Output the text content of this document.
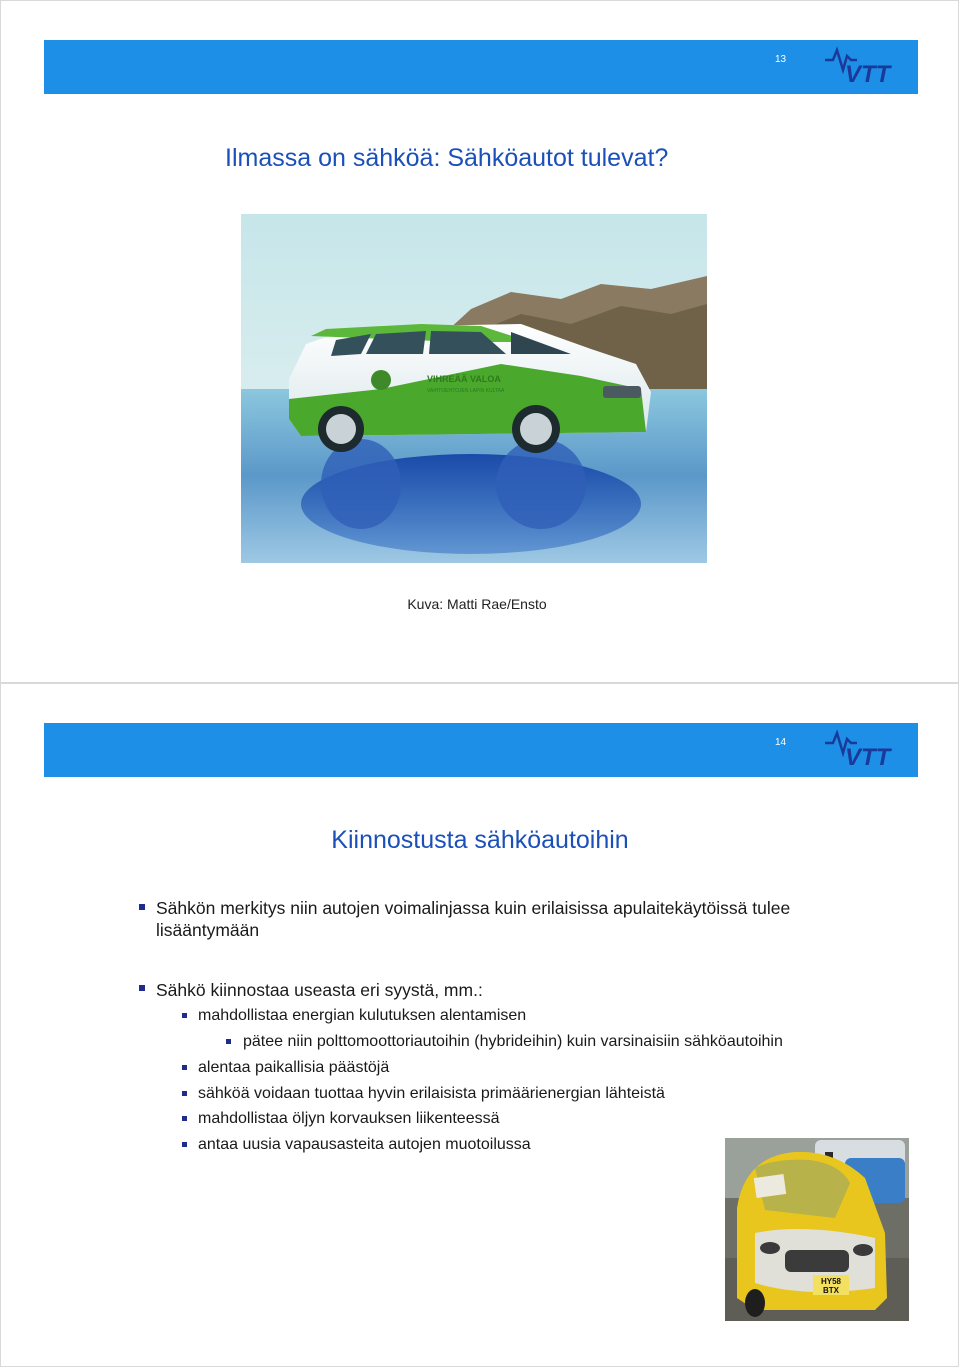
13
VTT
Ilmassa on sähköä: Sähköautot tulevat?
VIHREÄÄ VALOA
VAIHTOEHTOJEN LAPIN KULTAA
Kuva: Matti Rae/Ensto
14
VTT
Kiinnostusta sähköautoihin
Sähkön merkitys niin autojen voimalinjassa kuin erilaisissa apulaitekäytöissä tulee lisääntymään
Sähkö kiinnostaa useasta eri syystä, mm.:
mahdollistaa energian kulutuksen alentamisen
pätee niin polttomoottoriautoihin (hybrideihin) kuin varsinaisiin sähköautoihin
alentaa paikallisia päästöjä
sähköä voidaan tuottaa hyvin erilaisista primäärienergian lähteistä
mahdollistaa öljyn korvauksen liikenteessä
antaa uusia vapausasteita autojen muotoilussa
HY58
BTX
